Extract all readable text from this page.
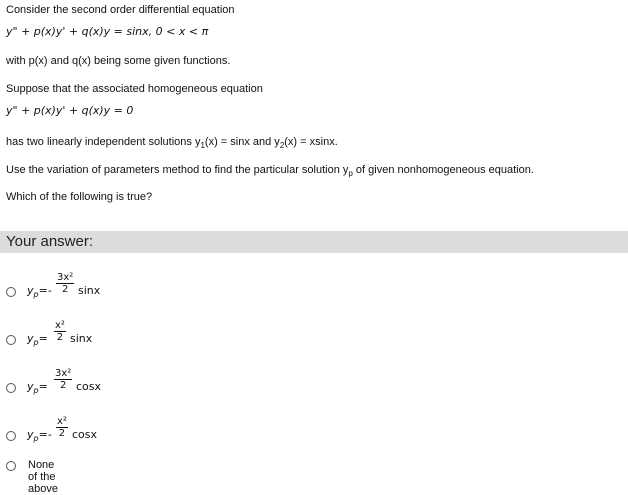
Consider the second order differential equation
y" + p(x)y' + q(x)y = sinx, 0 < x < π
with p(x) and q(x) being some given functions.
Suppose that the associated homogeneous equation
y" + p(x)y' + q(x)y = 0
has two linearly independent solutions $y_1(x) = \sin x$ and $y_2(x) = xsinx$.
Use the variation of parameters method to find the particular solution $y_p$ of given nonhomogeneous equation.
Which of the following is true?
Your answer:
$y_p=- \frac{\text{3x²}}{2}$ sinx
$y_p= \frac{\text{x²}}{2}$ sinx
$y_p= \frac{\text{3x²}}{2}$ cosx
$y_p=- \frac{\text{x²}}{2}$ cosx
None of the above
